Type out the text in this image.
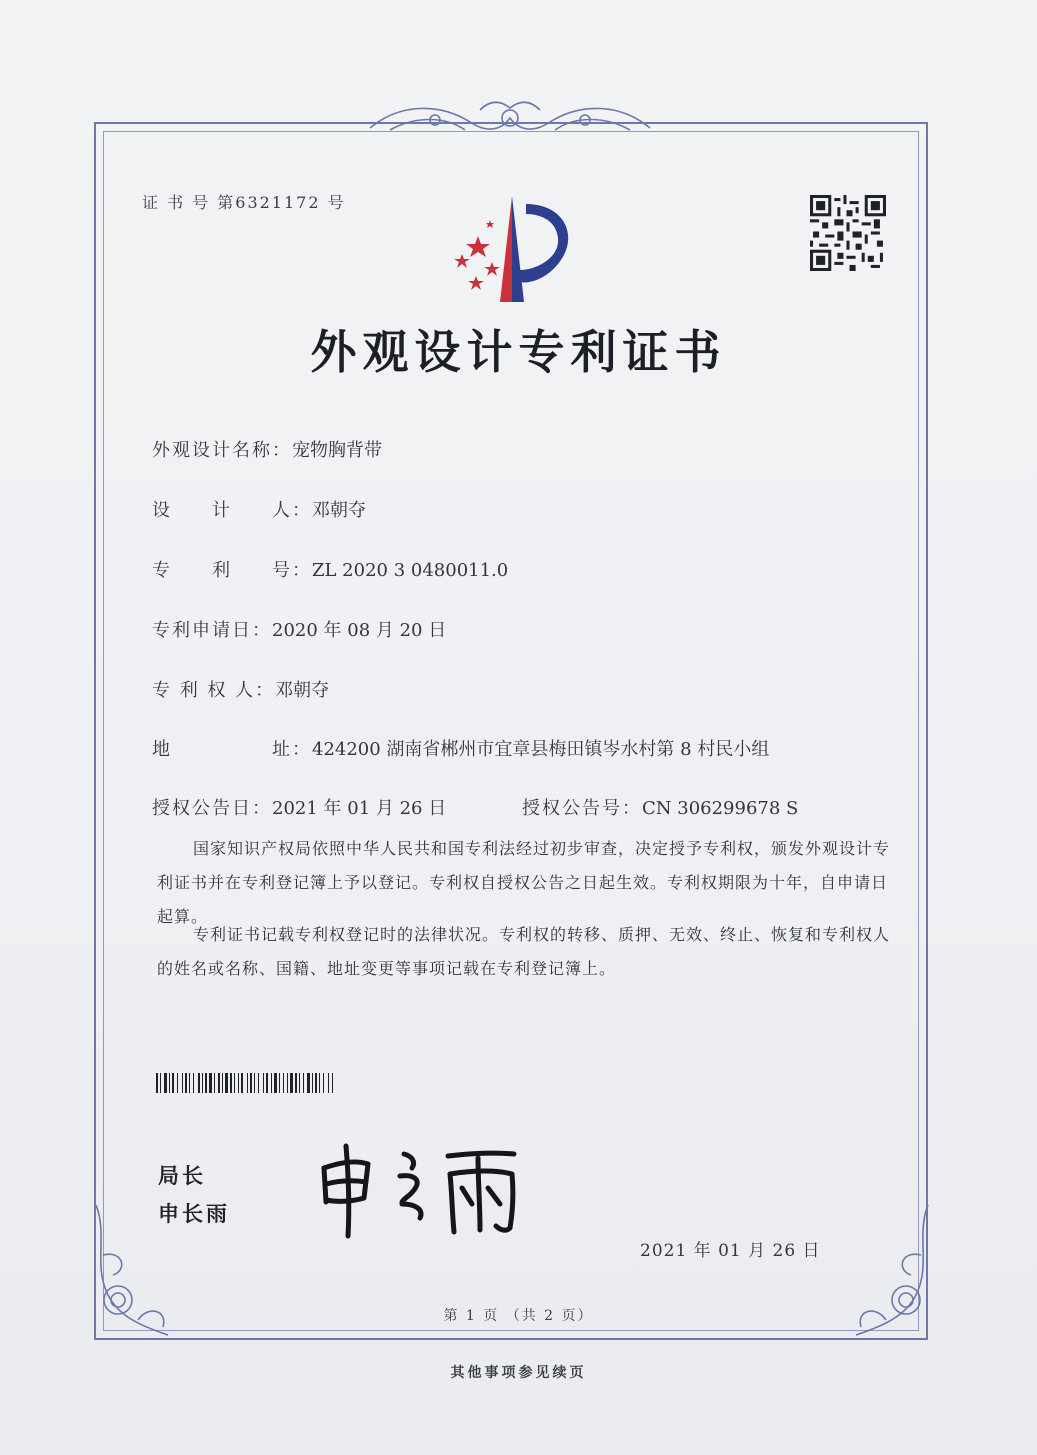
证 书 号 第6321172 号
外观设计专利证书
外观设计名称：宠物胸背带
设　　计　　人：邓朝夺
专　　利　　号：ZL 2020 3 0480011.0
专利申请日：2020 年 08 月 20 日
专 利 权 人：邓朝夺
地　　　　　址：424200 湖南省郴州市宜章县梅田镇岑水村第 8 村民小组
授权公告日：2021 年 01 月 26 日	授权公告号：CN 306299678 S
国家知识产权局依照中华人民共和国专利法经过初步审查，决定授予专利权，颁发外观设计专利证书并在专利登记簿上予以登记。专利权自授权公告之日起生效。专利权期限为十年，自申请日起算。
专利证书记载专利权登记时的法律状况。专利权的转移、质押、无效、终止、恢复和专利权人的姓名或名称、国籍、地址变更等事项记载在专利登记簿上。
局长
申长雨
2021 年 01 月 26 日
第 1 页 （共 2 页）
其他事项参见续页
